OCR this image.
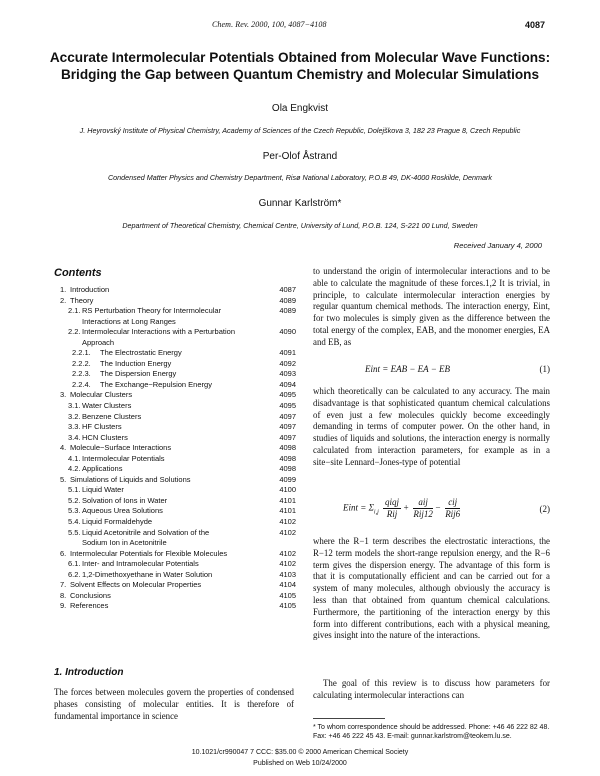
Chem. Rev. 2000, 100, 4087−4108	4087
Accurate Intermolecular Potentials Obtained from Molecular Wave Functions:
Bridging the Gap between Quantum Chemistry and Molecular Simulations
Ola Engkvist
J. Heyrovský Institute of Physical Chemistry, Academy of Sciences of the Czech Republic, Dolejškova 3, 182 23 Prague 8, Czech Republic
Per-Olof Åstrand
Condensed Matter Physics and Chemistry Department, Risø National Laboratory, P.O.B 49, DK-4000 Roskilde, Denmark
Gunnar Karlström*
Department of Theoretical Chemistry, Chemical Centre, University of Lund, P.O.B. 124, S-221 00 Lund, Sweden
Received January 4, 2000
Contents
1. Introduction	4087
2. Theory	4089
2.1. RS Perturbation Theory for Intermolecular	4089
Interactions at Long Ranges
2.2. Intermolecular Interactions with a Perturbation	4090
Approach
2.2.1. The Electrostatic Energy	4091
2.2.2. The Induction Energy	4092
2.2.3. The Dispersion Energy	4093
2.2.4. The Exchange−Repulsion Energy	4094
3. Molecular Clusters	4095
3.1. Water Clusters	4095
3.2. Benzene Clusters	4097
3.3. HF Clusters	4097
3.4. HCN Clusters	4097
4. Molecule−Surface Interactions	4098
4.1. Intermolecular Potentials	4098
4.2. Applications	4098
5. Simulations of Liquids and Solutions	4099
5.1. Liquid Water	4100
5.2. Solvation of Ions in Water	4101
5.3. Aqueous Urea Solutions	4101
5.4. Liquid Formaldehyde	4102
5.5. Liquid Acetonitrile and Solvation of the	4102
Sodium Ion in Acetonitrile
6. Intermolecular Potentials for Flexible Molecules	4102
6.1. Inter- and Intramolecular Potentials	4102
6.2. 1,2-Dimethoxyethane in Water Solution	4103
7. Solvent Effects on Molecular Properties	4104
8. Conclusions	4105
9. References	4105
1. Introduction
The forces between molecules govern the properties of condensed phases consisting of molecular entities. It is therefore of fundamental importance in science
to understand the origin of intermolecular interactions and to be able to calculate the magnitude of these forces.1,2 It is trivial, in principle, to calculate intermolecular interaction energies by regular quantum chemical methods. The interaction energy, Eint, for two molecules is simply given as the difference between the total energy of the complex, EAB, and the monomer energies, EA and EB, as
Eint = EAB − EA − EB	(1)
which theoretically can be calculated to any accuracy. The main disadvantage is that sophisticated quantum chemical calculations of even just a few molecules quickly become exceedingly demanding in terms of computer power. On the other hand, in studies of liquids and solutions, the interaction energy is normally calculated from interaction parameters, for example as in a site−site Lennard−Jones-type of potential
Eint = $\Sigma_{i,j} \frac{\text{qiqj}}{\text{Rij}} + \frac{\text{aij}}{\text{Rij12}} - \frac{\text{cij}}{\text{Rij6}}$	(2)
where the R−1 term describes the electrostatic interactions, the R−12 term models the short-range repulsion energy, and the R−6 term gives the dispersion energy. The advantage of this form is that it is computationally efficient and can be carried out for a system of many molecules, although obviously the accuracy is less than that obtained from quantum chemical calculations. Furthermore, the partitioning of the interaction energy by this form into different contributions, each with a physical meaning, gives insight into the nature of the interactions.
The goal of this review is to discuss how parameters for calculating intermolecular interactions can
* To whom correspondence should be addressed. Phone: +46 46 222 82 48. Fax: +46 46 222 45 43. E-mail: gunnar.karlstrom@teokem.lu.se.
10.1021/cr990047 7 CCC: $35.00 © 2000 American Chemical Society
Published on Web 10/24/2000
